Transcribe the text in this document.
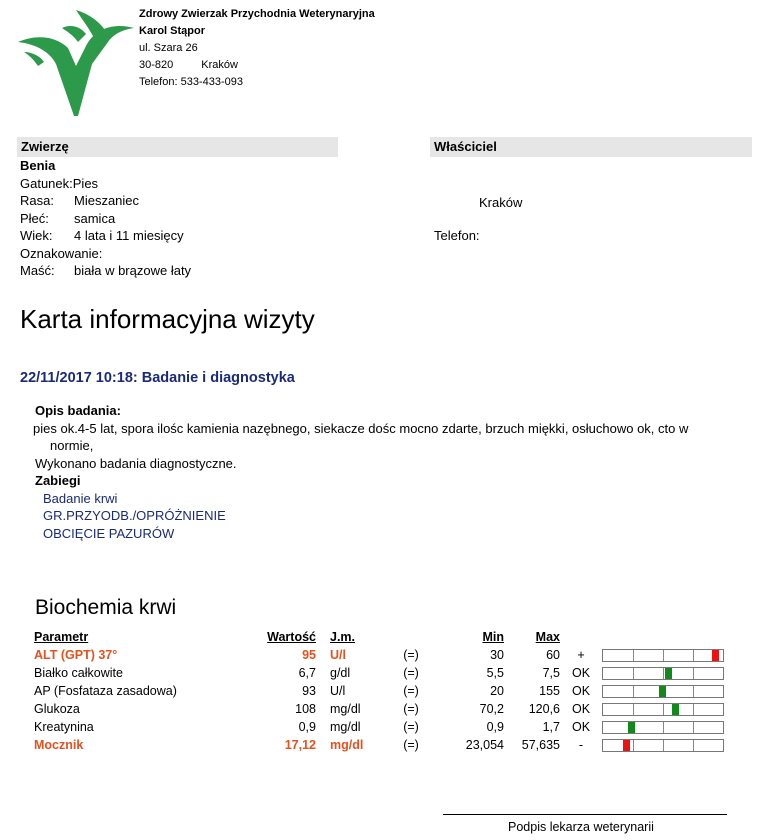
Zdrowy Zwierzak Przychodnia Weterynaryjna
Karol Stąpor
ul. Szara 26
30-820	Kraków
Telefon: 533-433-093
Zwierzę	Właściciel
Benia
Gatunek:Pies
Rasa: Mieszaniec
Płeć: samica
Wiek: 4 lata i 11 miesięcy
Oznakowanie:
Maść: biała w brązowe łaty
Kraków
Telefon:
Karta informacyjna wizyty
22/11/2017 10:18: Badanie i diagnostyka
Opis badania:
pies ok.4-5 lat, spora ilośc kamienia nazębnego, siekacze dośc mocno zdarte, brzuch miękki, osłuchowo ok, cto w
normie,
Wykonano badania diagnostyczne.
Zabiegi
Badanie krwi
GR.PRZYODB./OPRÓŻNIENIE
OBCIĘCIE PAZURÓW
Biochemia krwi
Parametr	Wartość	J.m.		Min	Max		
ALT (GPT) 37°	95	U/l	(=)	30	60	+	

Białko całkowite	6,7	g/dl	(=)	5,5	7,5	OK	

AP (Fosfataza zasadowa)	93	U/l	(=)	20	155	OK	

Glukoza	108	mg/dl	(=)	70,2	120,6	OK	

Kreatynina	0,9	mg/dl	(=)	0,9	1,7	OK	

Mocznik	17,12	mg/dl	(=)	23,054	57,635	-	
Podpis lekarza weterynarii
